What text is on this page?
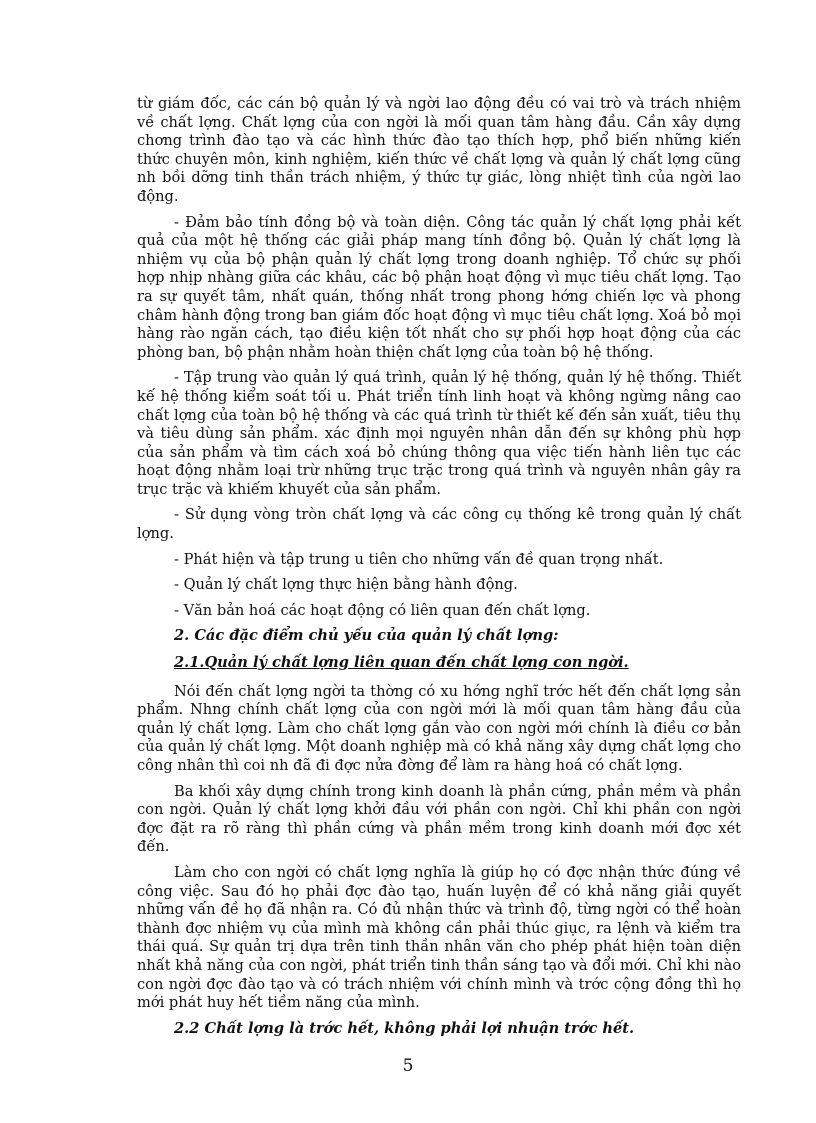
từ giám đốc, các cán bộ quản lý và ngời lao động đều có vai trò và trách nhiệm về chất lợng. Chất lợng của con ngời là mối quan tâm hàng đầu. Cần xây dựng chơng trình đào tạo và các hình thức đào tạo thích hợp, phổ biến những kiến thức chuyên môn, kinh nghiệm, kiến thức về chất lợng và quản lý chất lợng cũng nh bồi dỡng tinh thần trách nhiệm, ý thức tự giác, lòng nhiệt tình của ngời lao động.

- Đảm bảo tính đồng bộ và toàn diện. Công tác quản lý chất lợng phải kết quả của một hệ thống các giải pháp mang tính đồng bộ. Quản lý chất lợng là nhiệm vụ của bộ phận quản lý chất lợng trong doanh nghiệp. Tổ chức sự phối hợp nhịp nhàng giữa các khâu, các bộ phận hoạt động vì mục tiêu chất lợng. Tạo ra sự quyết tâm, nhất quán, thống nhất trong phong hớng chiến lợc và phong châm hành động trong ban giám đốc hoạt động vì mục tiêu chất lợng. Xoá bỏ mọi hàng rào ngăn cách, tạo điều kiện tốt nhất cho sự phối hợp hoạt động của các phòng ban, bộ phận nhằm hoàn thiện chất lợng của toàn bộ hệ thống.

- Tập trung vào quản lý quá trình, quản lý hệ thống, quản lý hệ thống. Thiết kế hệ thống kiểm soát tối u. Phát triển tính linh hoạt và không ngừng nâng cao chất lợng của toàn bộ hệ thống và các quá trình từ thiết kế đến sản xuất, tiêu thụ và tiêu dùng sản phẩm. xác định mọi nguyên nhân dẫn đến sự không phù hợp của sản phẩm và tìm cách xoá bỏ chúng thông qua việc tiến hành liên tục các hoạt động nhằm loại trừ những trục trặc trong quá trình và nguyên nhân gây ra trục trặc và khiếm khuyết của sản phẩm.

- Sử dụng vòng tròn chất lợng và các công cụ thống kê trong quản lý chất lợng.

- Phát hiện và tập trung u tiên cho những vấn đề quan trọng nhất.

- Quản lý chất lợng thực hiện bằng hành động.

- Văn bản hoá các hoạt động có liên quan đến chất lợng.

2. Các đặc điểm chủ yếu của quản lý chất lợng:
2.1.Quản lý chất lợng liên quan đến chất lợng con ngời.

Nói đến chất lợng ngời ta thờng có xu hớng nghĩ trớc hết đến chất lợng sản phẩm. Nhng chính chất lợng của con ngời mới là mối quan tâm hàng đầu của quản lý chất lợng. Làm cho chất lợng gắn vào con ngời mới chính là điều cơ bản của quản lý chất lợng. Một doanh nghiệp mà có khả năng xây dựng chất lợng cho công nhân thì coi nh đã đi đợc nửa đờng để làm ra hàng hoá có chất lợng.

Ba khối xây dựng chính trong kinh doanh là phần cứng, phần mềm và phần con ngời. Quản lý chất lợng khởi đầu với phần con ngời. Chỉ khi phần con ngời đợc đặt ra rõ ràng thì phần cứng và phần mềm trong kinh doanh mới đợc xét đến.

Làm cho con ngời có chất lợng nghĩa là giúp họ có đợc nhận thức đúng về công việc. Sau đó họ phải đợc đào tạo, huấn luyện để có khả năng giải quyết những vấn đề họ đã nhận ra. Có đủ nhận thức và trình độ, từng ngời có thể hoàn thành đợc nhiệm vụ của mình mà không cần phải thúc giục, ra lệnh và kiểm tra thái quá. Sự quản trị dựa trên tinh thần nhân văn cho phép phát hiện toàn diện nhất khả năng của con ngời, phát triển tinh thần sáng tạo và đổi mới. Chỉ khi nào con ngời đợc đào tạo và có trách nhiệm với chính mình và trớc cộng đồng thì họ mới phát huy hết tiềm năng của mình.

2.2 Chất lợng là trớc hết, không phải lợi nhuận trớc hết.
5
